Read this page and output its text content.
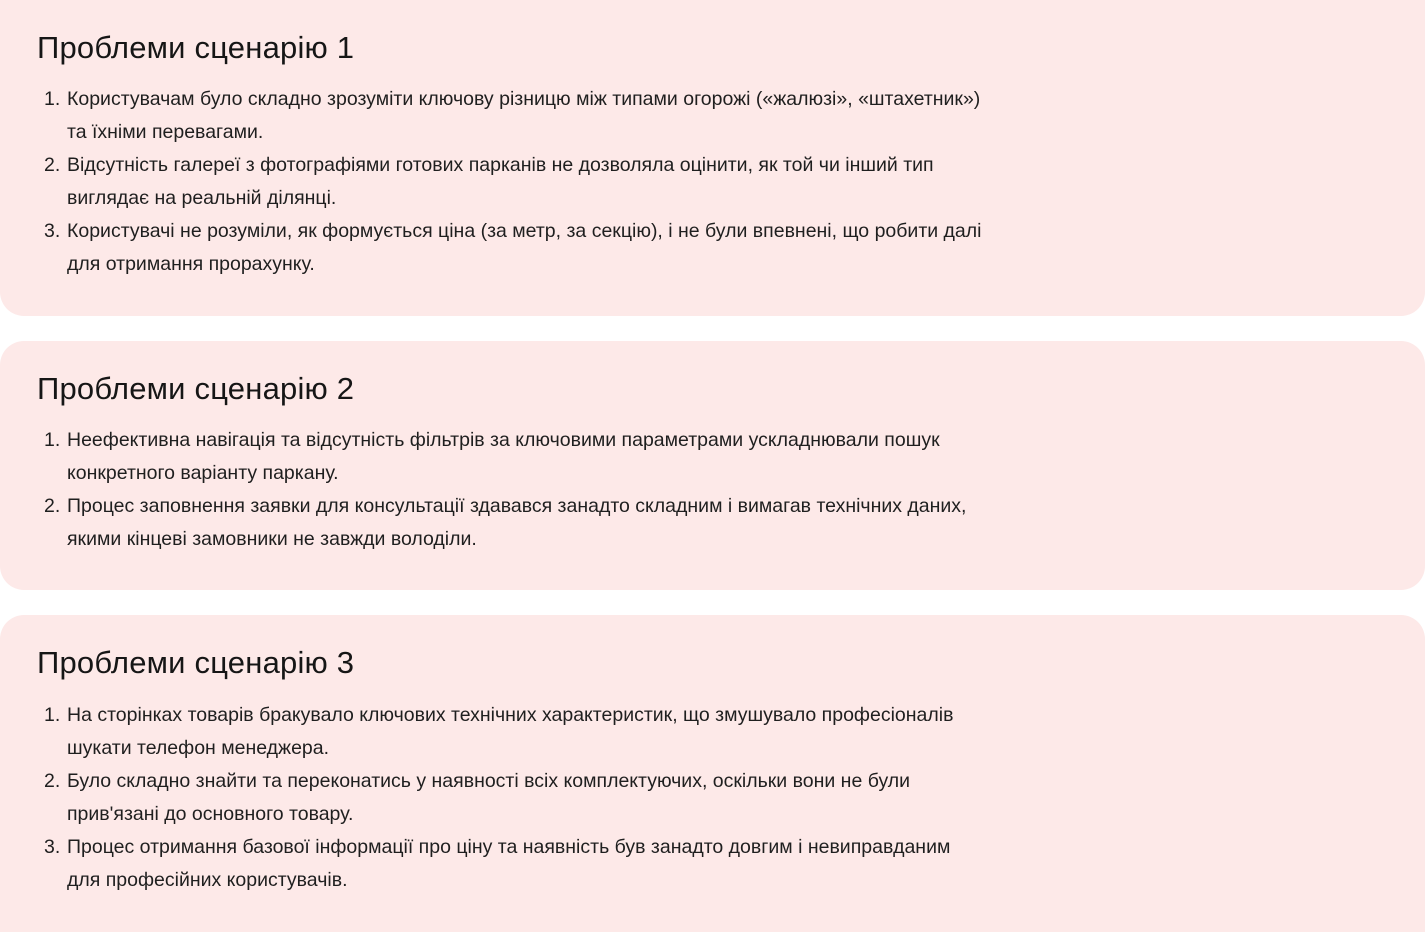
Проблеми сценарію 1
1. Користувачам було складно зрозуміти ключову різницю між типами огорожі («жалюзі», «штахетник»)
та їхніми перевагами.
2. Відсутність галереї з фотографіями готових парканів не дозволяла оцінити, як той чи інший тип
виглядає на реальній ділянці.
3. Користувачі не розуміли, як формується ціна (за метр, за секцію), і не були впевнені, що робити далі
для отримання прорахунку.
Проблеми сценарію 2
1. Неефективна навігація та відсутність фільтрів за ключовими параметрами ускладнювали пошук
конкретного варіанту паркану.
2. Процес заповнення заявки для консультації здавався занадто складним і вимагав технічних даних,
якими кінцеві замовники не завжди володіли.
Проблеми сценарію 3
1. На сторінках товарів бракувало ключових технічних характеристик, що змушувало професіоналів
шукати телефон менеджера.
2. Було складно знайти та переконатись у наявності всіх комплектуючих, оскільки вони не були
прив'язані до основного товару.
3. Процес отримання базової інформації про ціну та наявність був занадто довгим і невиправданим
для професійних користувачів.
